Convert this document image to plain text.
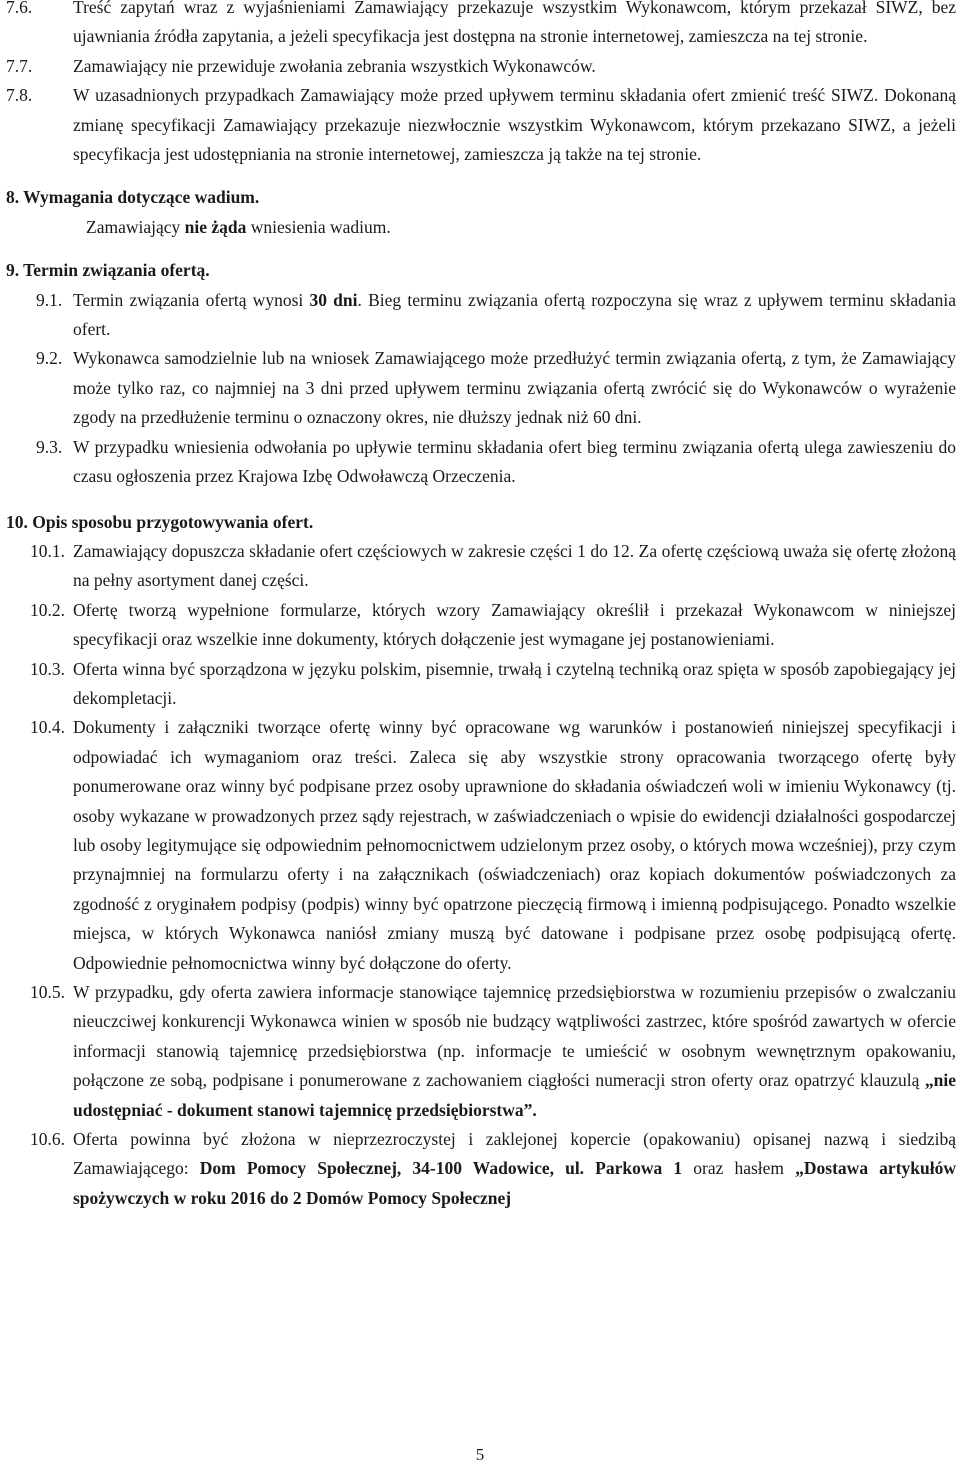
7.6. Treść zapytań wraz z wyjaśnieniami Zamawiający przekazuje wszystkim Wykonawcom, którym przekazał SIWZ, bez ujawniania źródła zapytania, a jeżeli specyfikacja jest dostępna na stronie internetowej, zamieszcza na tej stronie.
7.7. Zamawiający nie przewiduje zwołania zebrania wszystkich Wykonawców.
7.8. W uzasadnionych przypadkach Zamawiający może przed upływem terminu składania ofert zmienić treść SIWZ. Dokonaną zmianę specyfikacji Zamawiający przekazuje niezwłocznie wszystkim Wykonawcom, którym przekazano SIWZ, a jeżeli specyfikacja jest udostępniania na stronie internetowej, zamieszcza ją także na tej stronie.
8. Wymagania dotyczące wadium.
Zamawiający nie żąda wniesienia wadium.
9. Termin związania ofertą.
9.1. Termin związania ofertą wynosi 30 dni. Bieg terminu związania ofertą rozpoczyna się wraz z upływem terminu składania ofert.
9.2. Wykonawca samodzielnie lub na wniosek Zamawiającego może przedłużyć termin związania ofertą, z tym, że Zamawiający może tylko raz, co najmniej na 3 dni przed upływem terminu związania ofertą zwrócić się do Wykonawców o wyrażenie zgody na przedłużenie terminu o oznaczony okres, nie dłuższy jednak niż 60 dni.
9.3. W przypadku wniesienia odwołania po upływie terminu składania ofert bieg terminu związania ofertą ulega zawieszeniu do czasu ogłoszenia przez Krajowa Izbę Odwoławczą Orzeczenia.
10. Opis sposobu przygotowywania ofert.
10.1. Zamawiający dopuszcza składanie ofert częściowych w zakresie części 1 do 12. Za ofertę częściową uważa się ofertę złożoną na pełny asortyment danej części.
10.2. Ofertę tworzą wypełnione formularze, których wzory Zamawiający określił i przekazał Wykonawcom w niniejszej specyfikacji oraz wszelkie inne dokumenty, których dołączenie jest wymagane jej postanowieniami.
10.3. Oferta winna być sporządzona w języku polskim, pisemnie, trwałą i czytelną techniką oraz spięta w sposób zapobiegający jej dekompletacji.
10.4. Dokumenty i załączniki tworzące ofertę winny być opracowane wg warunków i postanowień niniejszej specyfikacji i odpowiadać ich wymaganiom oraz treści. Zaleca się aby wszystkie strony opracowania tworzącego ofertę były ponumerowane oraz winny być podpisane przez osoby uprawnione do składania oświadczeń woli w imieniu Wykonawcy (tj. osoby wykazane w prowadzonych przez sądy rejestrach, w zaświadczeniach o wpisie do ewidencji działalności gospodarczej lub osoby legitymujące się odpowiednim pełnomocnictwem udzielonym przez osoby, o których mowa wcześniej), przy czym przynajmniej na formularzu oferty i na załącznikach (oświadczeniach) oraz kopiach dokumentów poświadczonych za zgodność z oryginałem podpisy (podpis) winny być opatrzone pieczęcią firmową i imienną podpisującego. Ponadto wszelkie miejsca, w których Wykonawca naniósł zmiany muszą być datowane i podpisane przez osobę podpisującą ofertę. Odpowiednie pełnomocnictwa winny być dołączone do oferty.
10.5. W przypadku, gdy oferta zawiera informacje stanowiące tajemnicę przedsiębiorstwa w rozumieniu przepisów o zwalczaniu nieuczciwej konkurencji Wykonawca winien w sposób nie budzący wątpliwości zastrzec, które spośród zawartych w ofercie informacji stanowią tajemnicę przedsiębiorstwa (np. informacje te umieścić w osobnym wewnętrznym opakowaniu, połączone ze sobą, podpisane i ponumerowane z zachowaniem ciągłości numeracji stron oferty oraz opatrzyć klauzulą „nie udostępniać - dokument stanowi tajemnicę przedsiębiorstwa”.
10.6. Oferta powinna być złożona w nieprzezroczystej i zaklejonej kopercie (opakowaniu) opisanej nazwą i siedzibą Zamawiającego: Dom Pomocy Społecznej, 34-100 Wadowice, ul. Parkowa 1 oraz hasłem „Dostawa artykułów spożywczych w roku 2016 do 2 Domów Pomocy Społecznej
5
